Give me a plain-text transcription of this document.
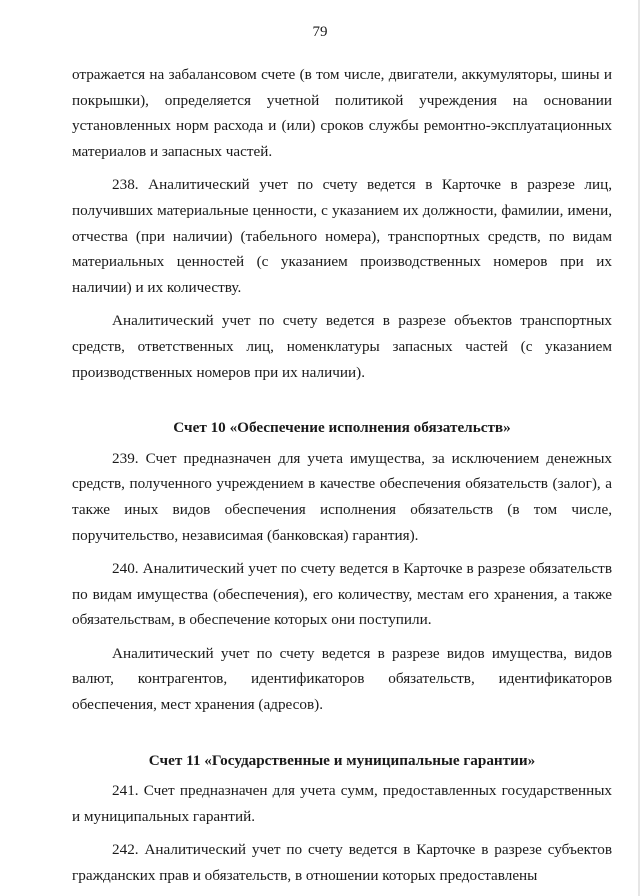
79

отражается на забалансовом счете (в том числе, двигатели, аккумуляторы, шины и покрышки), определяется учетной политикой учреждения на основании установленных норм расхода и (или) сроков службы ремонтно-эксплуатационных материалов и запасных частей.

238. Аналитический учет по счету ведется в Карточке в разрезе лиц, получивших материальные ценности, с указанием их должности, фамилии, имени, отчества (при наличии) (табельного номера), транспортных средств, по видам материальных ценностей (с указанием производственных номеров при их наличии) и их количеству.

Аналитический учет по счету ведется в разрезе объектов транспортных средств, ответственных лиц, номенклатуры запасных частей (с указанием производственных номеров при их наличии).

Счет 10 «Обеспечение исполнения обязательств»

239. Счет предназначен для учета имущества, за исключением денежных средств, полученного учреждением в качестве обеспечения обязательств (залог), а также иных видов обеспечения исполнения обязательств (в том числе, поручительство, независимая (банковская) гарантия).

240. Аналитический учет по счету ведется в Карточке в разрезе обязательств по видам имущества (обеспечения), его количеству, местам его хранения, а также обязательствам, в обеспечение которых они поступили.

Аналитический учет по счету ведется в разрезе видов имущества, видов валют, контрагентов, идентификаторов обязательств, идентификаторов обеспечения, мест хранения (адресов).

Счет 11 «Государственные и муниципальные гарантии»

241. Счет предназначен для учета сумм, предоставленных государственных и муниципальных гарантий.

242. Аналитический учет по счету ведется в Карточке в разрезе субъектов гражданских прав и обязательств, в отношении которых предоставлены
